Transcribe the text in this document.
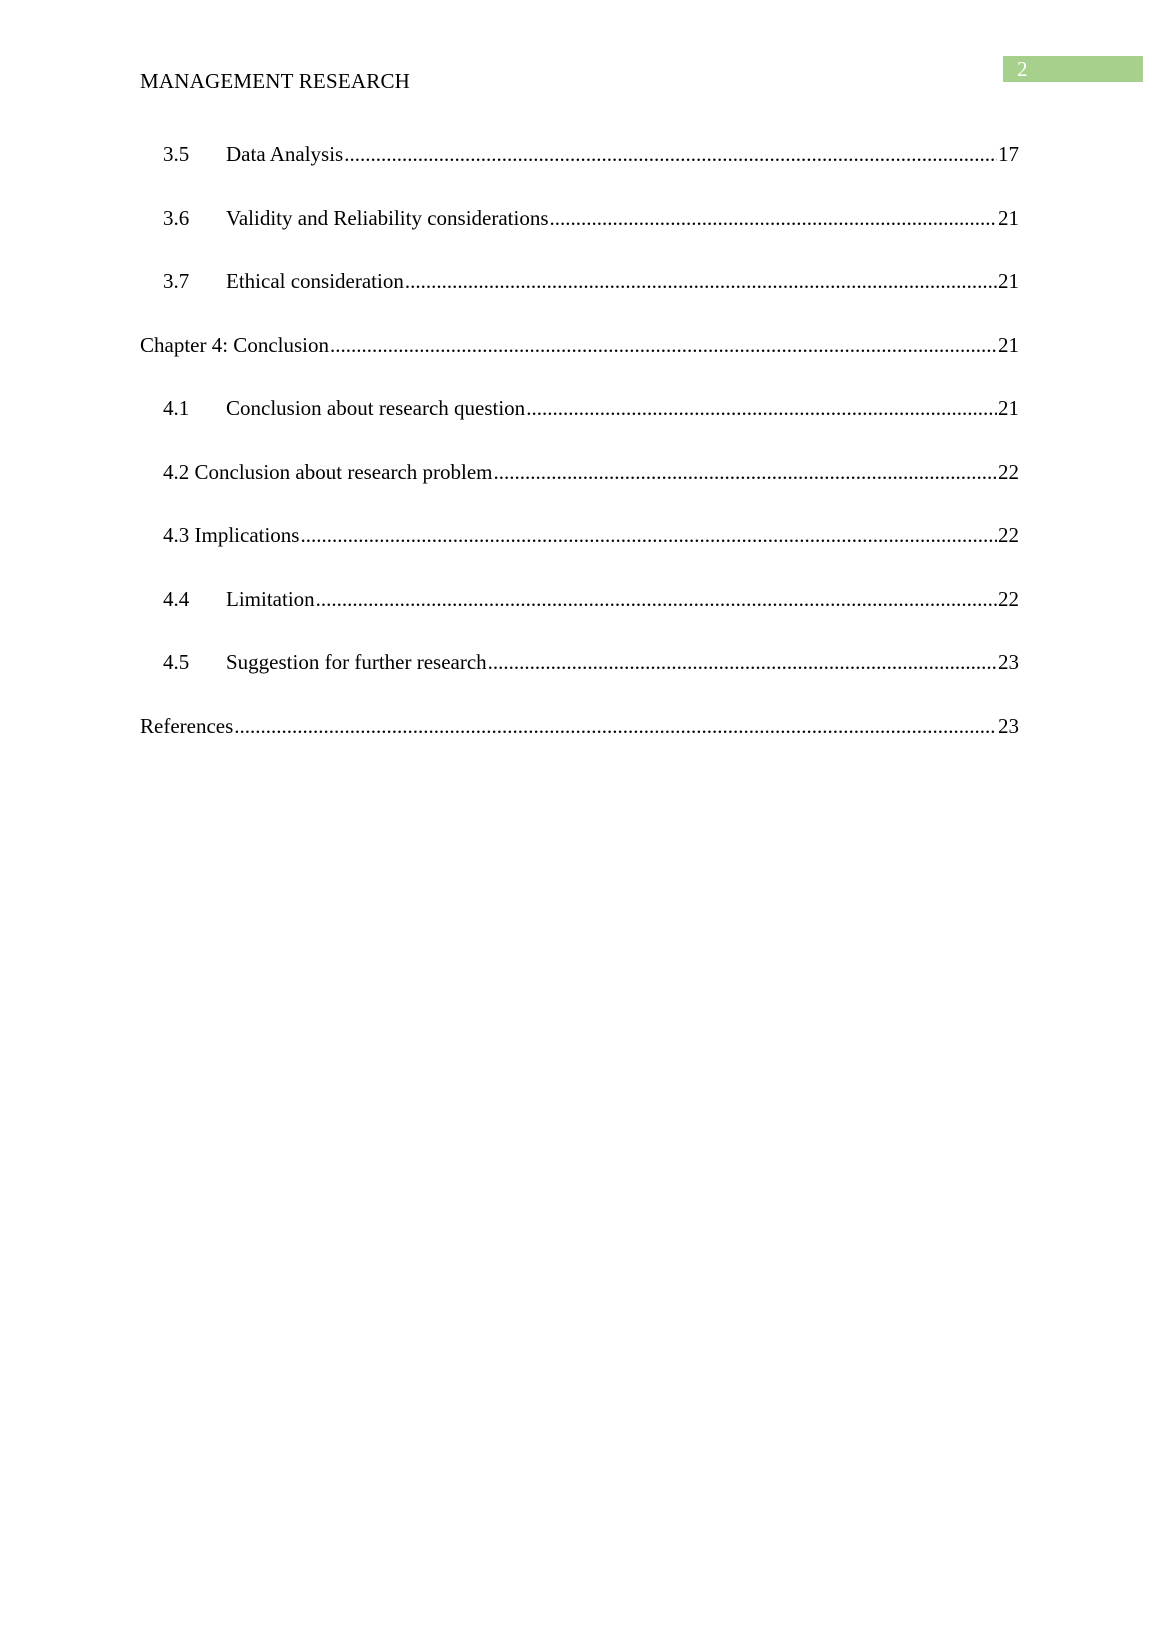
2
MANAGEMENT RESEARCH
3.5	Data Analysis .....	17
3.6	Validity and Reliability considerations .....	21
3.7	Ethical consideration .....	21
Chapter 4: Conclusion .....	21
4.1	Conclusion about research question .....	21
4.2 Conclusion about research problem .....	22
4.3 Implications .....	22
4.4	Limitation .....	22
4.5	Suggestion for further research .....	23
References .....	23
